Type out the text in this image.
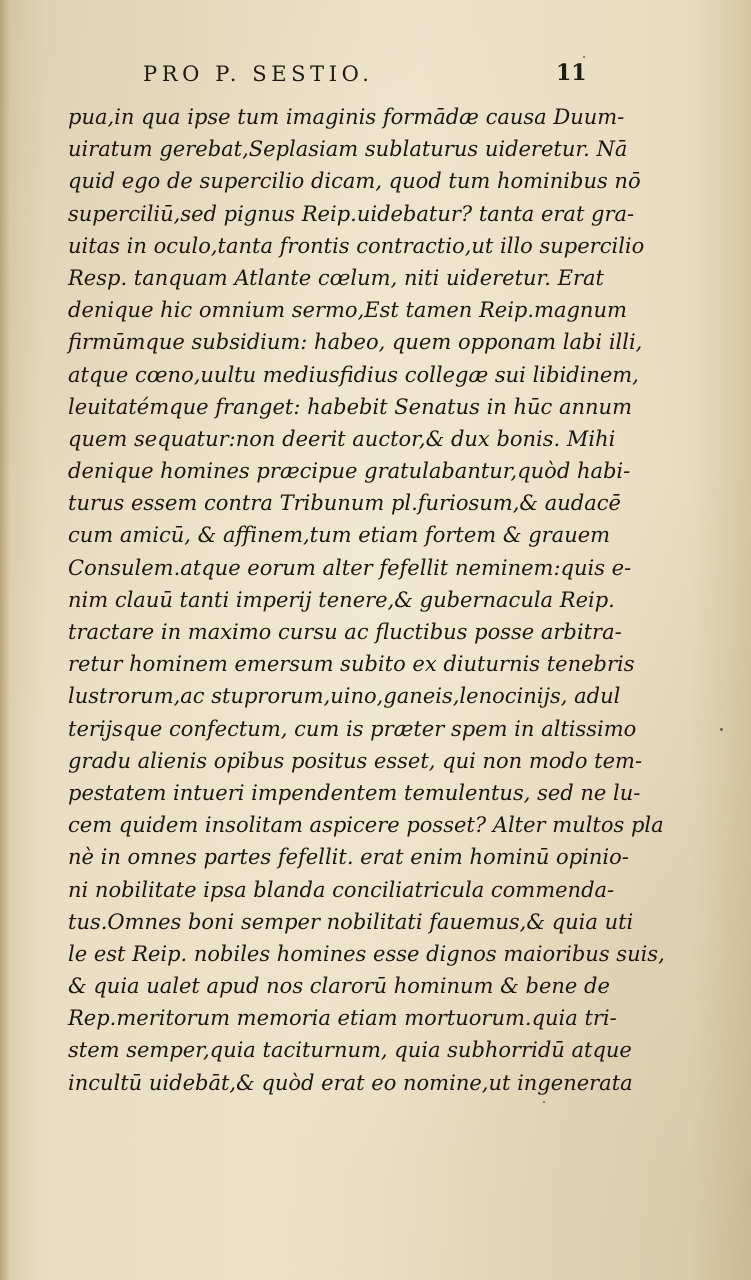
PRO P. SESTIO.	11
pua,in qua ipse tum imaginis formādæ causa Duum-
uiratum gerebat,Seplasiam sublaturus uideretur. Nā
quid ego de supercilio dicam, quod tum hominibus nō
superciliū,sed pignus Reip.uidebatur? tanta erat gra-
uitas in oculo,tanta frontis contractio,ut illo supercilio
Resp. tanquam Atlante cœlum, niti uideretur. Erat
denique hic omnium sermo,Est tamen Reip.magnum
firmūmque subsidium: habeo, quem opponam labi illi,
atque cœno,uultu mediusfidius collegæ sui libidinem,
leuitatémque franget: habebit Senatus in hūc annum
quem sequatur:non deerit auctor,& dux bonis. Mihi
denique homines præcipue gratulabantur,quòd habi-
turus essem contra Tribunum pl.furiosum,& audacē
cum amicū, & affinem,tum etiam fortem & grauem
Consulem.atque eorum alter fefellit neminem:quis e-
nim clauū tanti imperij tenere,& gubernacula Reip.
tractare in maximo cursu ac fluctibus posse arbitra-
retur hominem emersum subito ex diuturnis tenebris
lustrorum,ac stuprorum,uino,ganeis,lenocinijs, adul
terijsque confectum, cum is præter spem in altissimo
gradu alienis opibus positus esset, qui non modo tem-
pestatem intueri impendentem temulentus, sed ne lu-
cem quidem insolitam aspicere posset? Alter multos pla
nè in omnes partes fefellit. erat enim hominū opinio-
ni nobilitate ipsa blanda conciliatricula commenda-
tus.Omnes boni semper nobilitati fauemus,& quia uti
le est Reip. nobiles homines esse dignos maioribus suis,
& quia ualet apud nos clarorū hominum & bene de
Rep.meritorum memoria etiam mortuorum.quia tri-
stem semper,quia taciturnum, quia subhorridū atque
incultū uidebāt,& quòd erat eo nomine,ut ingenerata
